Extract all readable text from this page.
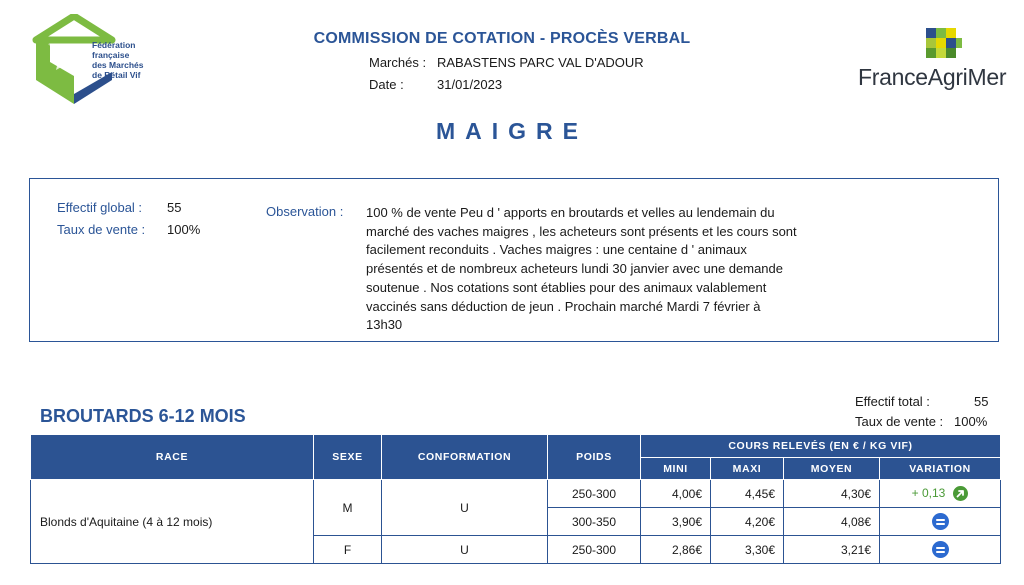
Fédération
française
des Marchés
de Bétail Vif
COMMISSION DE COTATION - PROCÈS VERBAL
Marchés : RABASTENS PARC VAL D'ADOUR
Date :	31/01/2023	FranceAgriMer
MAIGRE
Effectif global : 55
Taux de vente : 100%
Observation : 100 % de vente Peu d ' apports en broutards et velles au lendemain du marché des vaches maigres , les acheteurs sont présents et les cours sont facilement reconduits . Vaches maigres : une centaine d ' animaux présentés et de nombreux acheteurs lundi 30 janvier avec une demande soutenue . Nos cotations sont établies pour des animaux valablement vaccinés sans déduction de jeun . Prochain marché Mardi 7 février à 13h30
BROUTARDS 6-12 MOIS
Effectif total :	55
Taux de vente : 100%
RACE	SEXE	CONFORMATION	POIDS	COURS RELEVÉS (EN € / KG VIF)			
				MINI	MAXI	MOYEN	VARIATION
Blonds d'Aquitaine (4 à 12 mois)	M	U	250-300	4,00€	4,45€	4,30€	+ 0,13

			300-350	3,90€	4,20€	4,08€	
	F	U	250-300	2,86€	3,30€	3,21€	
